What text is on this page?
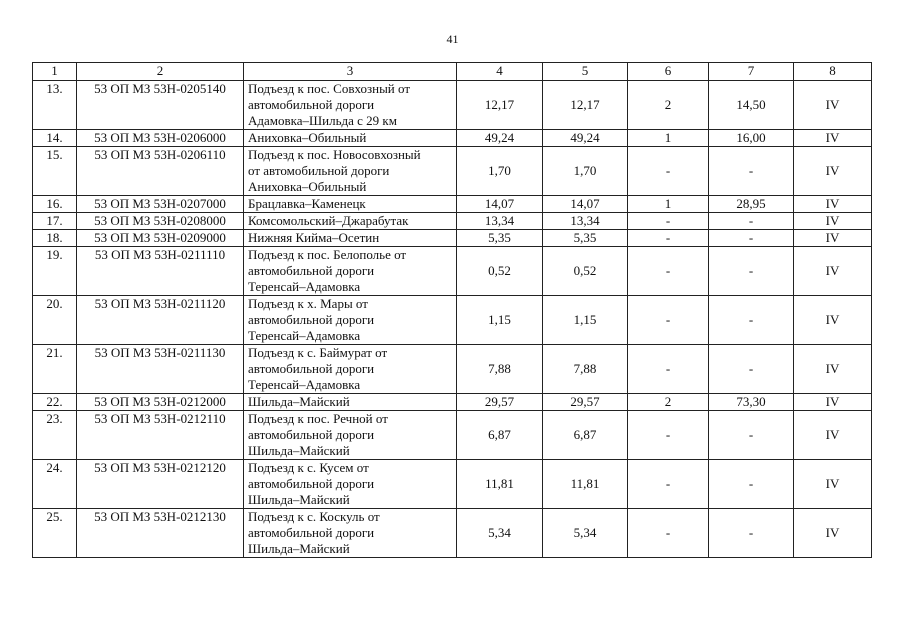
41
1	2	3	4	5	6	7	8
13.	53 ОП МЗ 53Н-0205140	Подъезд к пос. Совхозный от
автомобильной дороги
Адамовка–Шильда с 29 км	12,17	12,17	2	14,50	IV
14.	53 ОП МЗ 53Н-0206000	Аниховка–Обильный	49,24	49,24	1	16,00	IV
15.	53 ОП МЗ 53Н-0206110	Подъезд к пос. Новосовхозный
от автомобильной дороги
Аниховка–Обильный	1,70	1,70	-	-	IV
16.	53 ОП МЗ 53Н-0207000	Брацлавка–Каменецк	14,07	14,07	1	28,95	IV
17.	53 ОП МЗ 53Н-0208000	Комсомольский–Джарабутак	13,34	13,34	-	-	IV
18.	53 ОП МЗ 53Н-0209000	Нижняя Кийма–Осетин	5,35	5,35	-	-	IV
19.	53 ОП МЗ 53Н-0211110	Подъезд к пос. Белополье от
автомобильной дороги
Теренсай–Адамовка	0,52	0,52	-	-	IV
20.	53 ОП МЗ 53Н-0211120	Подъезд к х. Мары от
автомобильной дороги
Теренсай–Адамовка	1,15	1,15	-	-	IV
21.	53 ОП МЗ 53Н-0211130	Подъезд к с. Баймурат от
автомобильной дороги
Теренсай–Адамовка	7,88	7,88	-	-	IV
22.	53 ОП МЗ 53Н-0212000	Шильда–Майский	29,57	29,57	2	73,30	IV
23.	53 ОП МЗ 53Н-0212110	Подъезд к пос. Речной от
автомобильной дороги
Шильда–Майский	6,87	6,87	-	-	IV
24.	53 ОП МЗ 53Н-0212120	Подъезд к с. Кусем от
автомобильной дороги
Шильда–Майский	11,81	11,81	-	-	IV
25.	53 ОП МЗ 53Н-0212130	Подъезд к с. Коскуль от
автомобильной дороги
Шильда–Майский	5,34	5,34	-	-	IV
